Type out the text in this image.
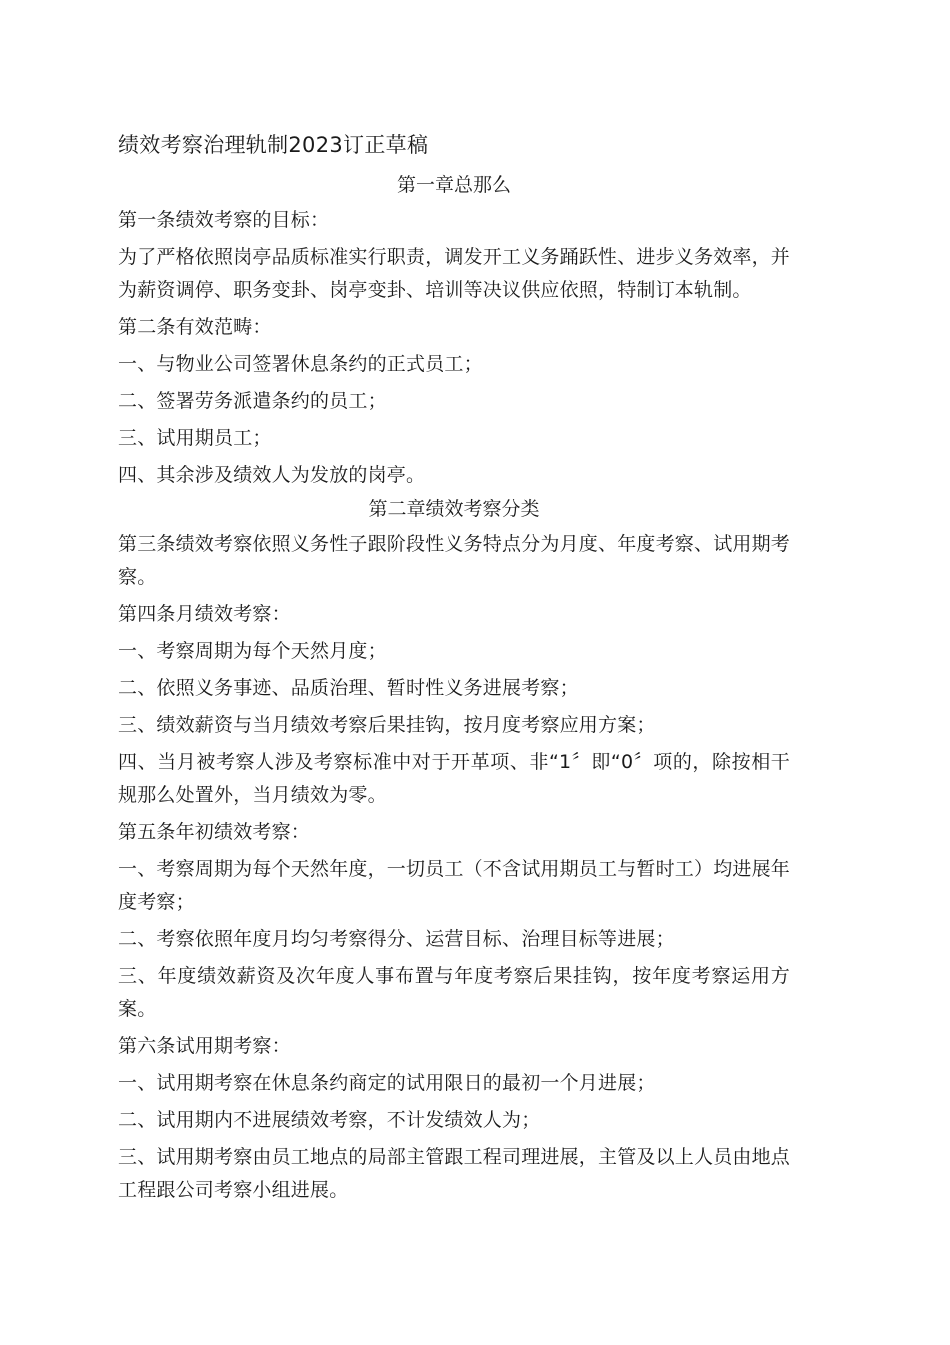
绩效考察治理轨制2023订正草稿
第一章总那么

第一条绩效考察的目标：

为了严格依照岗亭品质标准实行职责，调发开工义务踊跃性、进步义务效率，并为薪资调停、职务变卦、岗亭变卦、培训等决议供应依照，特制订本轨制。

第二条有效范畴：

一、与物业公司签署休息条约的正式员工；

二、签署劳务派遣条约的员工；

三、试用期员工；

四、其余涉及绩效人为发放的岗亭。

第二章绩效考察分类

第三条绩效考察依照义务性子跟阶段性义务特点分为月度、年度考察、试用期考察。

第四条月绩效考察：

一、考察周期为每个天然月度；

二、依照义务事迹、品质治理、暂时性义务进展考察；

三、绩效薪资与当月绩效考察后果挂钩，按月度考察应用方案；

四、当月被考察人涉及考察标准中对于开革项、非“1〞即“0〞项的，除按相干规那么处置外，当月绩效为零。

第五条年初绩效考察：

一、考察周期为每个天然年度，一切员工（不含试用期员工与暂时工）均进展年度考察；

二、考察依照年度月均匀考察得分、运营目标、治理目标等进展；

三、年度绩效薪资及次年度人事布置与年度考察后果挂钩，按年度考察运用方案。

第六条试用期考察：

一、试用期考察在休息条约商定的试用限日的最初一个月进展；

二、试用期内不进展绩效考察，不计发绩效人为；

三、试用期考察由员工地点的局部主管跟工程司理进展，主管及以上人员由地点工程跟公司考察小组进展。
